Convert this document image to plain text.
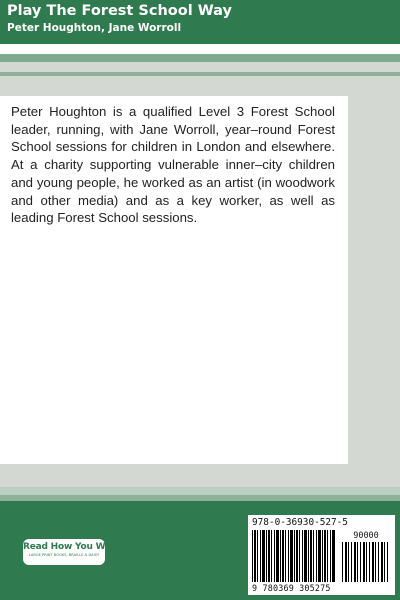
Play The Forest School Way
Peter Houghton, Jane Worroll

Peter Houghton is a qualified Level 3 Forest School leader, running, with Jane Worroll, year–round Forest School sessions for children in London and elsewhere. At a charity supporting vulnerable inner–city children and young people, he worked as an artist (in woodwork and other media) and as a key worker, as well as leading Forest School sessions.

Read How You Want
LARGE PRINT BOOKS, BRAILLE & DAISY
978-0-36930-527-5
90000
9 780369 305275
